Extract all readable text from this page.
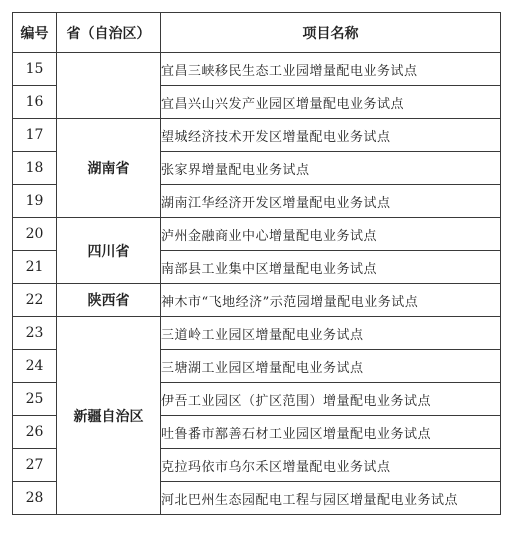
编号	省（自治区）	项目名称
15		宜昌三峡移民生态工业园增量配电业务试点
16		宜昌兴山兴发产业园区增量配电业务试点
17	湖南省	望城经济技术开发区增量配电业务试点
18		张家界增量配电业务试点
19		湖南江华经济开发区增量配电业务试点
20	四川省	泸州金融商业中心增量配电业务试点
21		南部县工业集中区增量配电业务试点
22	陕西省	神木市“飞地经济”示范园增量配电业务试点
23	新疆自治区	三道岭工业园区增量配电业务试点
24		三塘湖工业园区增量配电业务试点
25		伊吾工业园区（扩区范围）增量配电业务试点
26		吐鲁番市鄯善石材工业园区增量配电业务试点
27		克拉玛依市乌尔禾区增量配电业务试点
28		河北巴州生态园配电工程与园区增量配电业务试点
